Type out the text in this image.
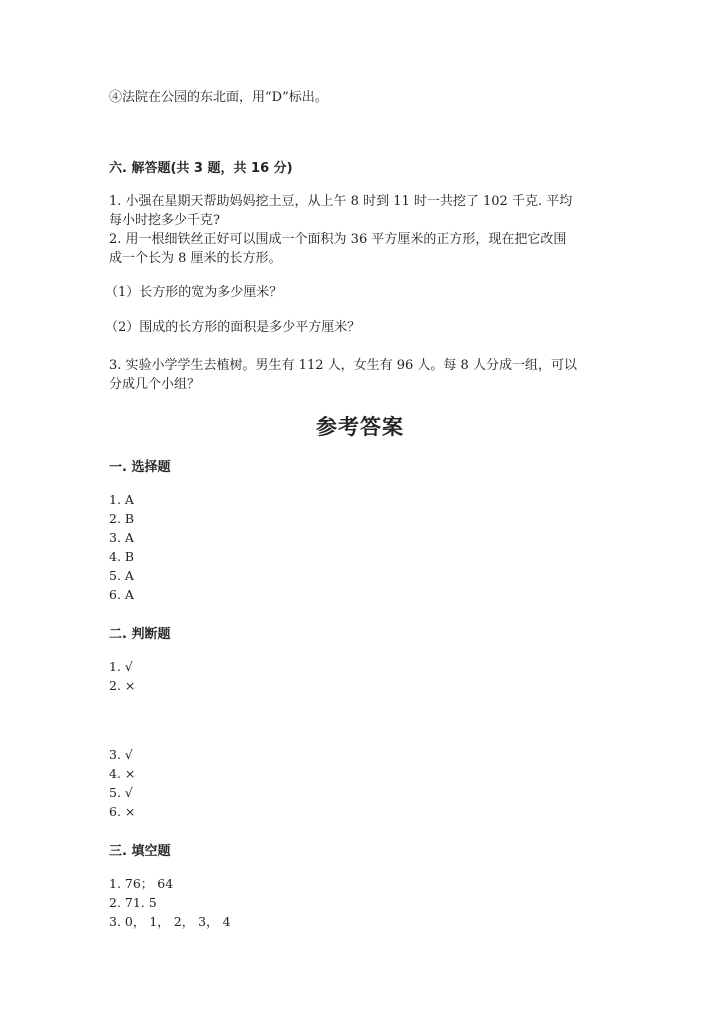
④法院在公园的东北面，用“D”标出。
六. 解答题(共 3 题，共 16 分)
1. 小强在星期天帮助妈妈挖土豆，从上午 8 时到 11 时一共挖了 102 千克. 平均
每小时挖多少千克?
2. 用一根细铁丝正好可以围成一个面积为 36 平方厘米的正方形，现在把它改围
成一个长为 8 厘米的长方形。
（1）长方形的宽为多少厘米？
（2）围成的长方形的面积是多少平方厘米？
3. 实验小学学生去植树。男生有 112 人，女生有 96 人。每 8 人分成一组，可以
分成几个小组？
参考答案
一. 选择题
1. A
2. B
3. A
4. B
5. A
6. A
二. 判断题
1. √
2. ×
3. √
4. ×
5. √
6. ×
三. 填空题
1. 76； 64
2. 71. 5
3. 0， 1， 2， 3， 4
